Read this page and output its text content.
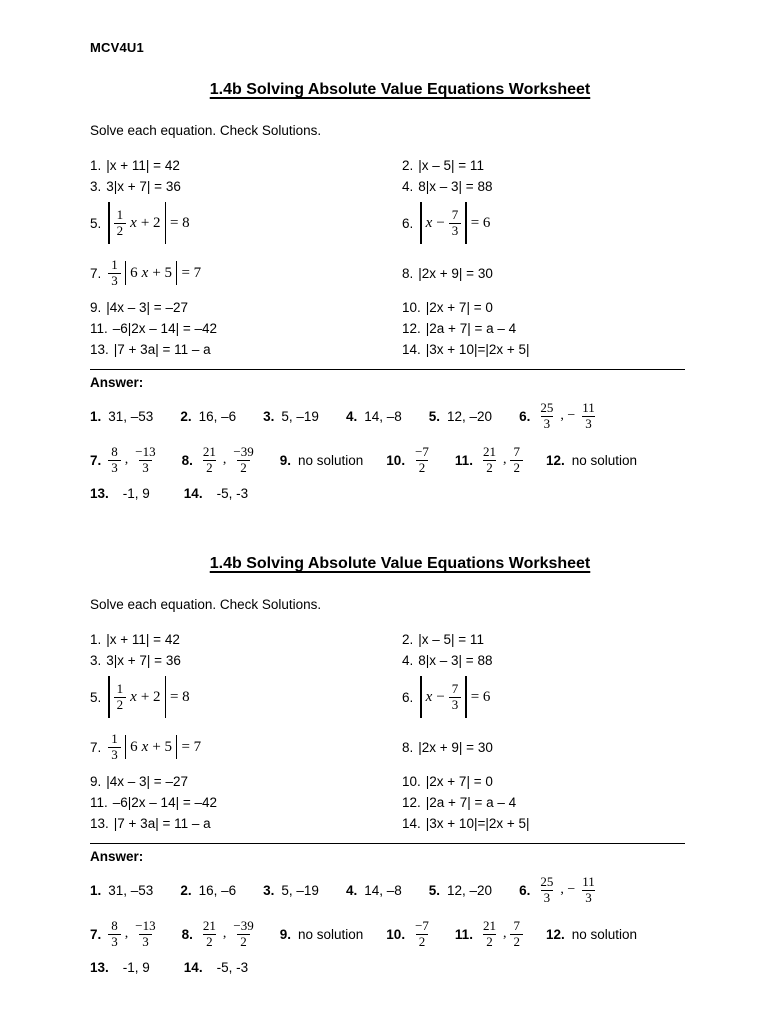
MCV4U1
1.4b Solving Absolute Value Equations Worksheet

Solve each equation. Check Solutions.

1. |x + 11| = 42	2. |x – 5| = 11
3. 3|x + 7| = 36	4. 8|x – 3| = 88
5. $\frac{1}{2}$ x + 2 = 8	6. $x - \frac{7}{3} = 6$
7. $\frac{1}{3} 6$ x + 5 = 7	8. |2x + 9| = 30
9. |4x – 3| = –27	10. |2x + 7| = 0
11. –6|2x – 14| = –42	12. |2a + 7| = a – 4
13. |7 + 3a| = 11 – a	14. |3x + 10|=|2x + 5|
Answer:
1. 31, –53 2. 16, –6 3. 5, –19 4. 14, –8 5. 12, –20 6. $\frac{25}{3}$ , − $\frac{11}{3}$
7. $\frac{8}{3}$ , $\frac{-13}{3} 8$. $\frac{21}{2}$ , $\frac{-39}{2} 9$. no solution 10. $\frac{-7}{2} 11$. $\frac{21}{2}$ , $\frac{7}{2} 12$. no solution
13. -1, 9	14. -5, -3
1.4b Solving Absolute Value Equations Worksheet

Solve each equation. Check Solutions.

1. |x + 11| = 42	2. |x – 5| = 11
3. 3|x + 7| = 36	4. 8|x – 3| = 88
5. $\frac{1}{2}$ x + 2 = 8	6. $x - \frac{7}{3} = 6$
7. $\frac{1}{3} 6$ x + 5 = 7	8. |2x + 9| = 30
9. |4x – 3| = –27	10. |2x + 7| = 0
11. –6|2x – 14| = –42	12. |2a + 7| = a – 4
13. |7 + 3a| = 11 – a	14. |3x + 10|=|2x + 5|
Answer:
1. 31, –53 2. 16, –6 3. 5, –19 4. 14, –8 5. 12, –20 6. $\frac{25}{3}$ , − $\frac{11}{3}$
7. $\frac{8}{3}$ , $\frac{-13}{3} 8$. $\frac{21}{2}$ , $\frac{-39}{2} 9$. no solution 10. $\frac{-7}{2} 11$. $\frac{21}{2}$ , $\frac{7}{2} 12$. no solution
13. -1, 9	14. -5, -3
